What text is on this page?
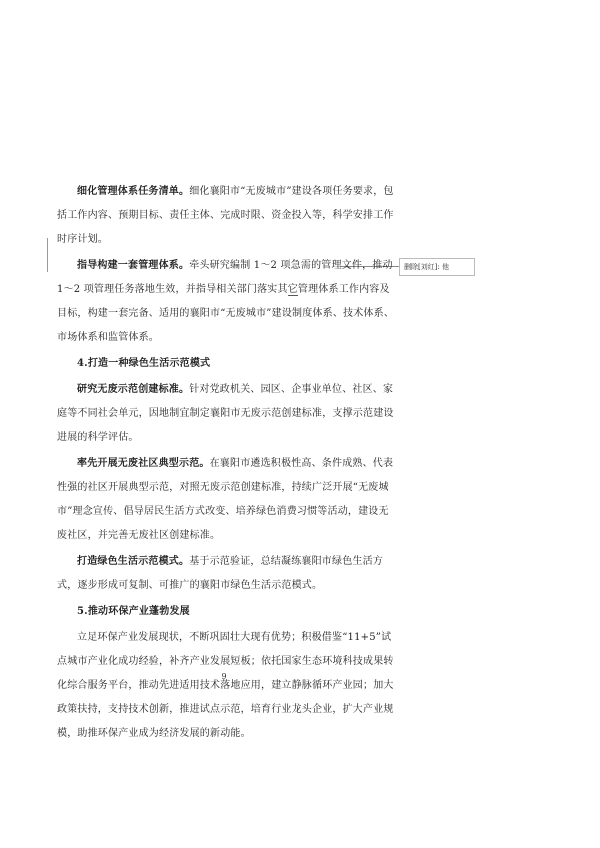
删除[刘红]: 他

细化管理体系任务清单。细化襄阳市“无废城市”建设各项任务要求，包括工作内容、预期目标、责任主体、完成时限、资金投入等，科学安排工作时序计划。

指导构建一套管理体系。牵头研究编制 1～2 项急需的管理文件，推动 1～2 项管理任务落地生效，并指导相关部门落实其它管理体系工作内容及目标，构建一套完备、适用的襄阳市“无废城市”建设制度体系、技术体系、市场体系和监管体系。

4.打造一种绿色生活示范模式

研究无废示范创建标准。针对党政机关、园区、企事业单位、社区、家庭等不同社会单元，因地制宜制定襄阳市无废示范创建标准，支撑示范建设进展的科学评估。

率先开展无废社区典型示范。在襄阳市遴选积极性高、条件成熟、代表性强的社区开展典型示范，对照无废示范创建标准，持续广泛开展“无废城市”理念宣传、倡导居民生活方式改变、培养绿色消费习惯等活动，建设无废社区，并完善无废社区创建标准。

打造绿色生活示范模式。基于示范验证，总结凝练襄阳市绿色生活方式，逐步形成可复制、可推广的襄阳市绿色生活示范模式。

5.推动环保产业蓬勃发展

立足环保产业发展现状，不断巩固壮大现有优势；积极借鉴“11+5”试点城市产业化成功经验，补齐产业发展短板；依托国家生态环境科技成果转化综合服务平台，推动先进适用技术落地应用，建立静脉循环产业园；加大政策扶持，支持技术创新，推进试点示范，培育行业龙头企业，扩大产业规模，助推环保产业成为经济发展的新动能。

9
